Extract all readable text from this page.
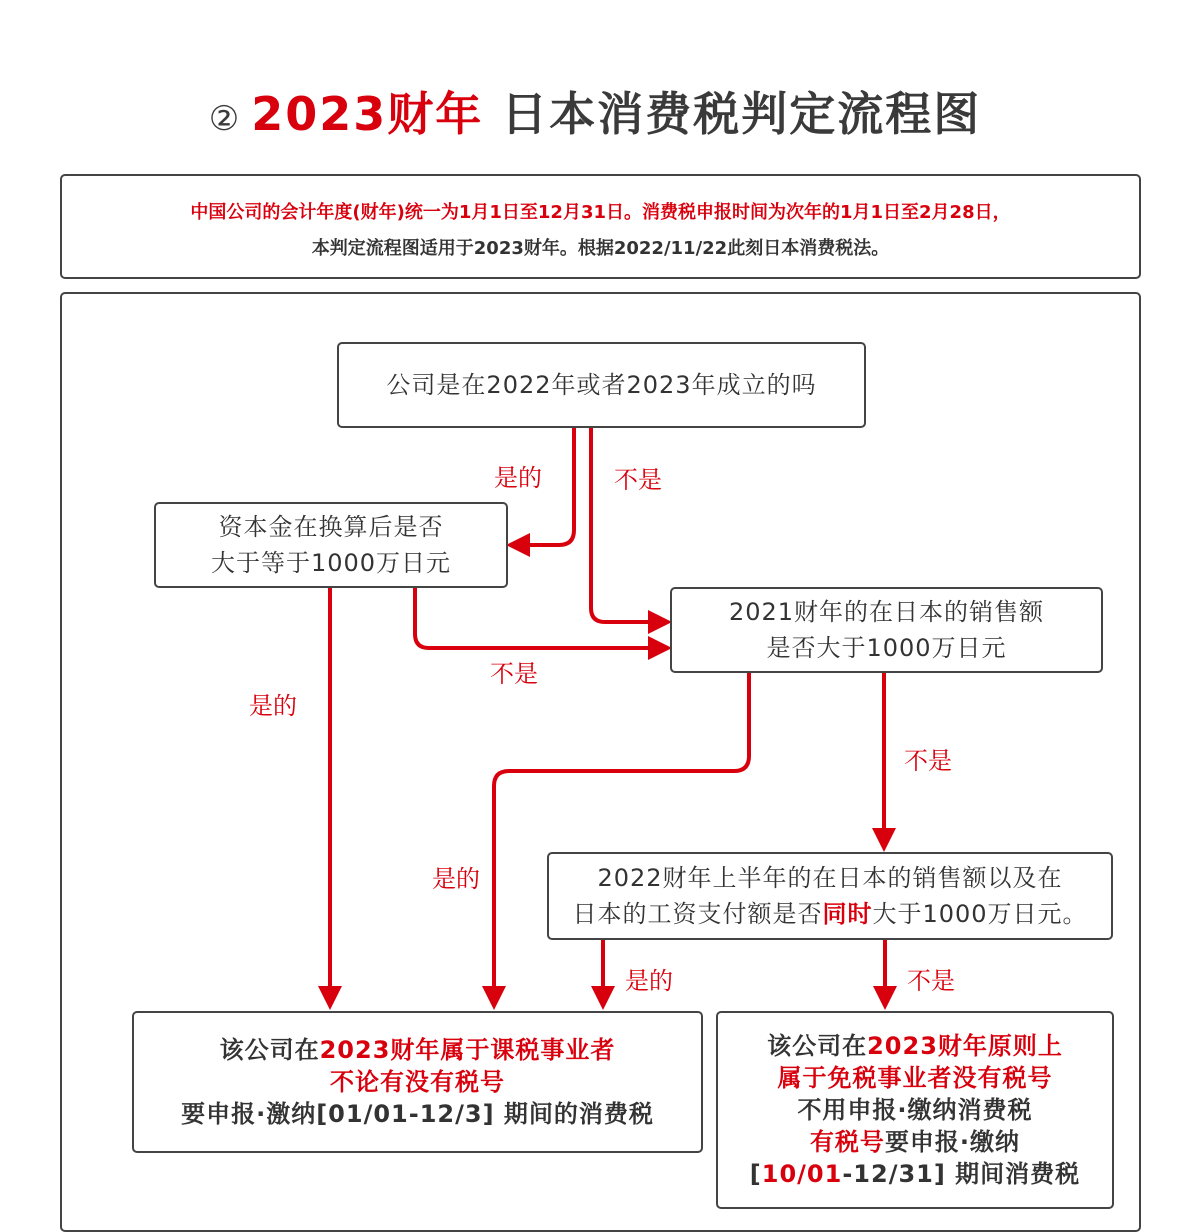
② 2023财年 日本消费税判定流程图
中国公司的会计年度(财年)统一为1月1日至12月31日。消费税申报时间为次年的1月1日至2月28日，
本判定流程图适用于2023财年。根据2022/11/22此刻日本消费税法。
公司是在2022年或者2023年成立的吗
资本金在换算后是否
大于等于1000万日元
2021财年的在日本的销售额
是否大于1000万日元
2022财年上半年的在日本的销售额以及在
日本的工资支付额是否同时大于1000万日元。
该公司在2023财年属于课税事业者
不论有没有税号
要申报·激纳[01/01-12/3] 期间的消费税
该公司在2023财年原则上
属于免税事业者没有税号
不用申报·缴纳消费税
有税号要申报·缴纳
[10/01-12/31] 期间消费税
是的	不是
不是
是的
不是
是的
是的	不是
